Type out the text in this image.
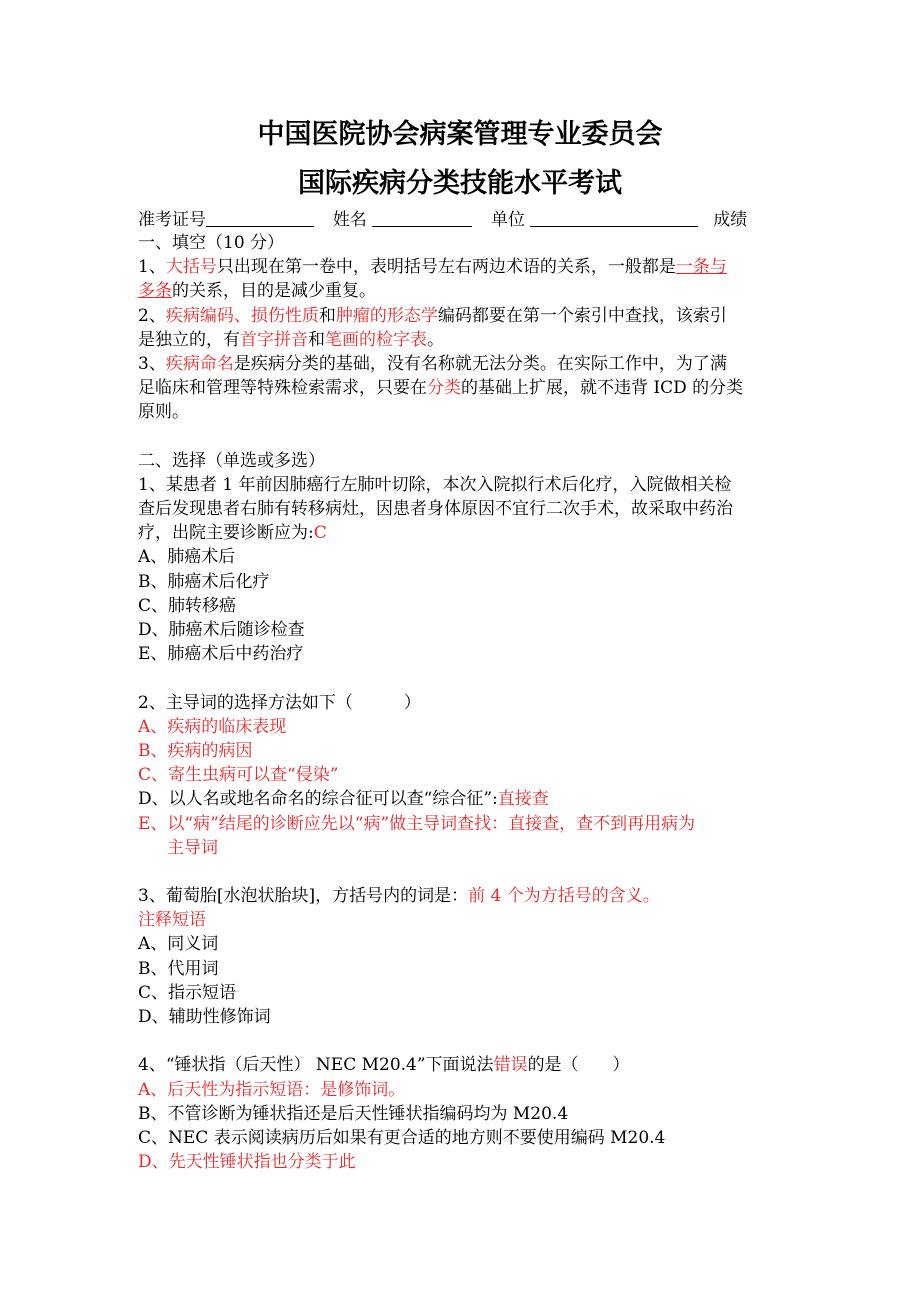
中国医院协会病案管理专业委员会
国际疾病分类技能水平考试
准考证号	姓名	单位	成绩
一、填空（10 分）
1、大括号只出现在第一卷中，表明括号左右两边术语的关系，一般都是一条与
多条的关系，目的是减少重复。
2、疾病编码、损伤性质和肿瘤的形态学编码都要在第一个索引中查找，该索引
是独立的，有首字拼音和笔画的检字表。
3、疾病命名是疾病分类的基础，没有名称就无法分类。在实际工作中，为了满
足临床和管理等特殊检索需求，只要在分类的基础上扩展，就不违背 ICD 的分类
原则。
二、选择（单选或多选）
1、某患者 1 年前因肺癌行左肺叶切除，本次入院拟行术后化疗，入院做相关检
查后发现患者右肺有转移病灶，因患者身体原因不宜行二次手术，故采取中药治
疗，出院主要诊断应为:C
A、肺癌术后
B、肺癌术后化疗
C、肺转移癌
D、肺癌术后随诊检查
E、肺癌术后中药治疗
2、主导词的选择方法如下（　　　）
A、疾病的临床表现
B、疾病的病因
C、寄生虫病可以查“侵染”
D、以人名或地名命名的综合征可以查“综合征”:直接查
E、以“病”结尾的诊断应先以“病”做主导词查找：直接查，查不到再用病为
主导词
3、葡萄胎[水泡状胎块]，方括号内的词是：前 4 个为方括号的含义。
注释短语
A、同义词
B、代用词
C、指示短语
D、辅助性修饰词
4、“锤状指（后天性） NEC M20.4”下面说法错误的是（　　）
A、后天性为指示短语：是修饰词。
B、不管诊断为锤状指还是后天性锤状指编码均为 M20.4
C、NEC 表示阅读病历后如果有更合适的地方则不要使用编码 M20.4
D、先天性锤状指也分类于此
